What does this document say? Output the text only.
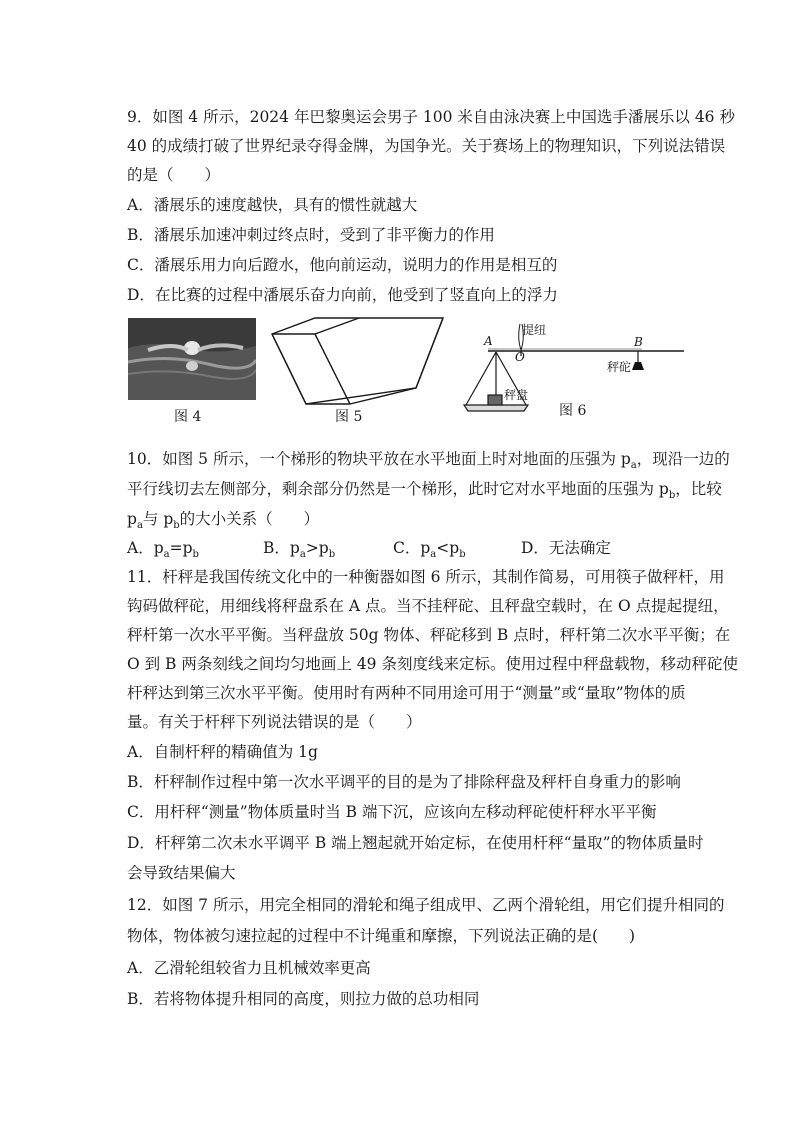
9．如图 4 所示，2024 年巴黎奥运会男子 100 米自由泳决赛上中国选手潘展乐以 46 秒
40 的成绩打破了世界纪录夺得金牌，为国争光。关于赛场上的物理知识，下列说法错误
的是（　　）
A．潘展乐的速度越快，具有的惯性就越大
B．潘展乐加速冲刺过终点时，受到了非平衡力的作用
C．潘展乐用力向后蹬水，他向前运动，说明力的作用是相互的
D．在比赛的过程中潘展乐奋力向前，他受到了竖直向上的浮力
图 4	图 5
提纽
A
O
B
秤砣
秤盘
图 6
10．如图 5 所示，一个梯形的物块平放在水平地面上时对地面的压强为 $p_a$，现沿一边的
平行线切去左侧部分，剩余部分仍然是一个梯形，此时它对水平地面的压强为 $p_b$，比较
$p_a$与 $p_b$的大小关系（　　）
A．$p_a=p_b$	B．$p_a>p_b$	C．$p_a<p_b$	D．无法确定
11．杆秤是我国传统文化中的一种衡器如图 6 所示，其制作简易，可用筷子做秤杆，用
钩码做秤砣，用细线将秤盘系在 A 点。当不挂秤砣、且秤盘空载时，在 O 点提起提纽，
秤杆第一次水平平衡。当秤盘放 50g 物体、秤砣移到 B 点时，秤杆第二次水平平衡；在
O 到 B 两条刻线之间均匀地画上 49 条刻度线来定标。使用过程中秤盘载物，移动秤砣使
杆秤达到第三次水平平衡。使用时有两种不同用途可用于“测量”或“量取”物体的质
量。有关于杆秤下列说法错误的是（　　）
A．自制杆秤的精确值为 1g
B．杆秤制作过程中第一次水平调平的目的是为了排除秤盘及秤杆自身重力的影响
C．用杆秤“测量”物体质量时当 B 端下沉，应该向左移动秤砣使杆秤水平平衡
D．杆秤第二次未水平调平 B 端上翘起就开始定标，在使用杆秤“量取”的物体质量时
会导致结果偏大
12．如图 7 所示，用完全相同的滑轮和绳子组成甲、乙两个滑轮组，用它们提升相同的
物体，物体被匀速拉起的过程中不计绳重和摩擦，下列说法正确的是(　　)
A．乙滑轮组较省力且机械效率更高
B．若将物体提升相同的高度，则拉力做的总功相同
